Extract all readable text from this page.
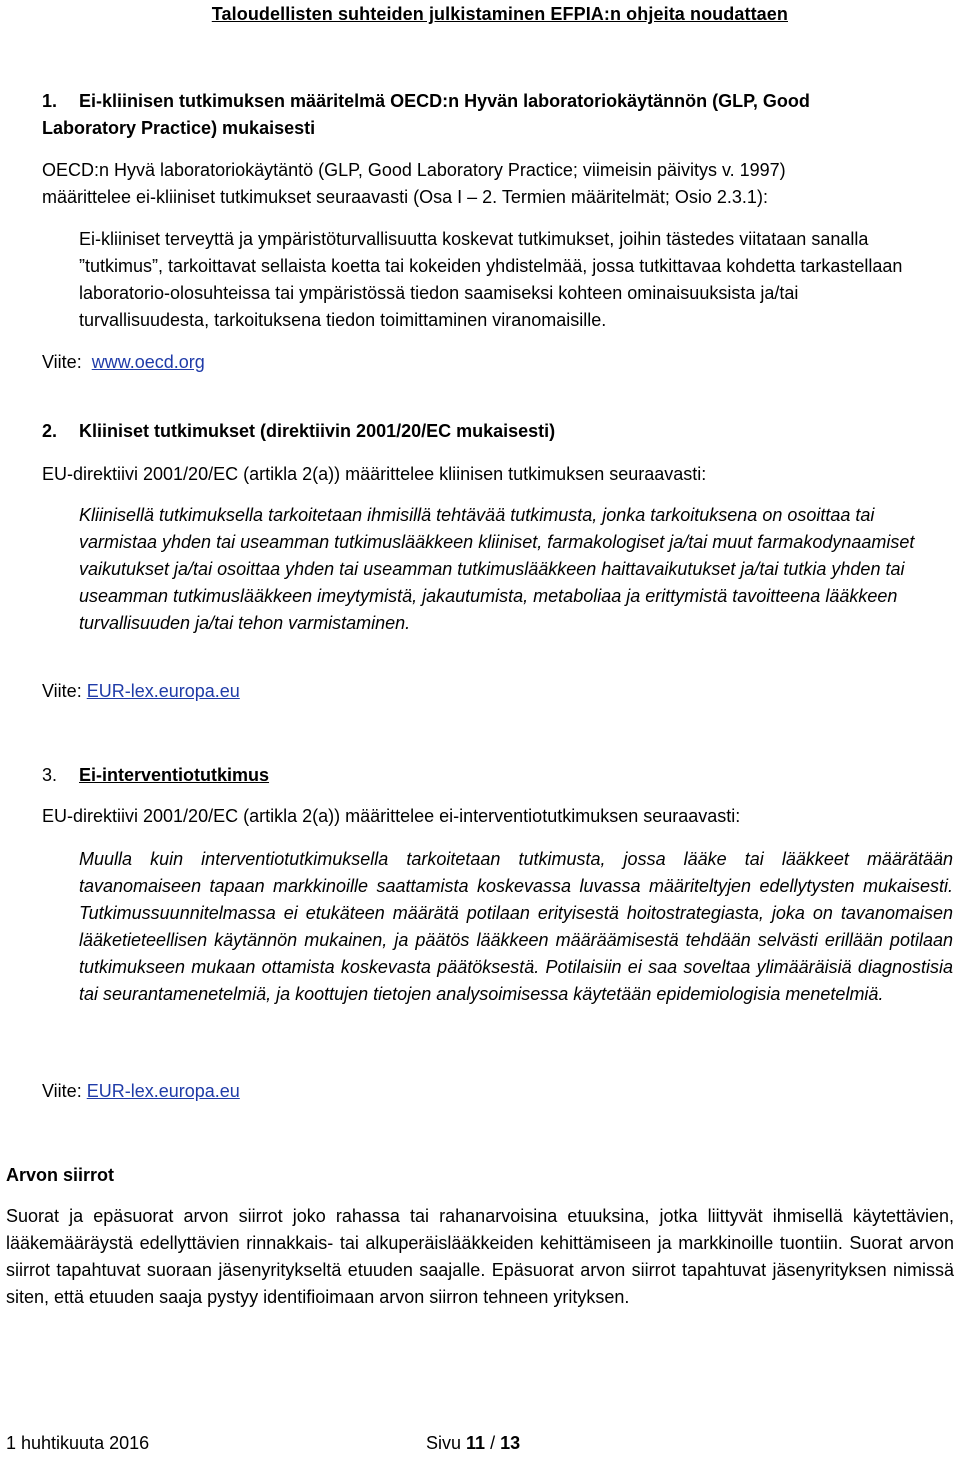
Taloudellisten suhteiden julkistaminen EFPIA:n ohjeita noudattaen
1. Ei-kliinisen tutkimuksen määritelmä OECD:n Hyvän laboratoriokäytännön (GLP, Good
Laboratory Practice) mukaisesti
OECD:n Hyvä laboratoriokäytäntö (GLP, Good Laboratory Practice; viimeisin päivitys v. 1997)
määrittelee ei-kliiniset tutkimukset seuraavasti (Osa I – 2. Termien määritelmät; Osio 2.3.1):
Ei-kliiniset terveyttä ja ympäristöturvallisuutta koskevat tutkimukset, joihin tästedes viitataan sanalla ”tutkimus”, tarkoittavat sellaista koetta tai kokeiden yhdistelmää, jossa tutkittavaa kohdetta tarkastellaan laboratorio-olosuhteissa tai ympäristössä tiedon saamiseksi kohteen ominaisuuksista ja/tai turvallisuudesta, tarkoituksena tiedon toimittaminen viranomaisille.
Viite: www.oecd.org
2. Kliiniset tutkimukset (direktiivin 2001/20/EC mukaisesti)
EU-direktiivi 2001/20/EC (artikla 2(a)) määrittelee kliinisen tutkimuksen seuraavasti:
Kliinisellä tutkimuksella tarkoitetaan ihmisillä tehtävää tutkimusta, jonka tarkoituksena on osoittaa tai varmistaa yhden tai useamman tutkimuslääkkeen kliiniset, farmakologiset ja/tai muut farmakodynaamiset vaikutukset ja/tai osoittaa yhden tai useamman tutkimuslääkkeen haittavaikutukset ja/tai tutkia yhden tai useamman tutkimuslääkkeen imeytymistä, jakautumista, metaboliaa ja erittymistä tavoitteena lääkkeen turvallisuuden ja/tai tehon varmistaminen.
Viite: EUR-lex.europa.eu
3. Ei-interventiotutkimus
EU-direktiivi 2001/20/EC (artikla 2(a)) määrittelee ei-interventiotutkimuksen seuraavasti:
Muulla kuin interventiotutkimuksella tarkoitetaan tutkimusta, jossa lääke tai lääkkeet määrätään tavanomaiseen tapaan markkinoille saattamista koskevassa luvassa määriteltyjen edellytysten mukaisesti. Tutkimussuunnitelmassa ei etukäteen määrätä potilaan erityisestä hoitostrategiasta, joka on tavanomaisen lääketieteellisen käytännön mukainen, ja päätös lääkkeen määräämisestä tehdään selvästi erillään potilaan tutkimukseen mukaan ottamista koskevasta päätöksestä. Potilaisiin ei saa soveltaa ylimääräisiä diagnostisia tai seurantamenetelmiä, ja koottujen tietojen analysoimisessa käytetään epidemiologisia menetelmiä.
Viite: EUR-lex.europa.eu
Arvon siirrot
Suorat ja epäsuorat arvon siirrot joko rahassa tai rahanarvoisina etuuksina, jotka liittyvät ihmisellä käytettävien, lääkemääräystä edellyttävien rinnakkais- tai alkuperäislääkkeiden kehittämiseen ja markkinoille tuontiin. Suorat arvon siirrot tapahtuvat suoraan jäsenyritykseltä etuuden saajalle. Epäsuorat arvon siirrot tapahtuvat jäsenyrityksen nimissä siten, että etuuden saaja pystyy identifioimaan arvon siirron tehneen yrityksen.
1 huhtikuuta 2016	Sivu 11 / 13
